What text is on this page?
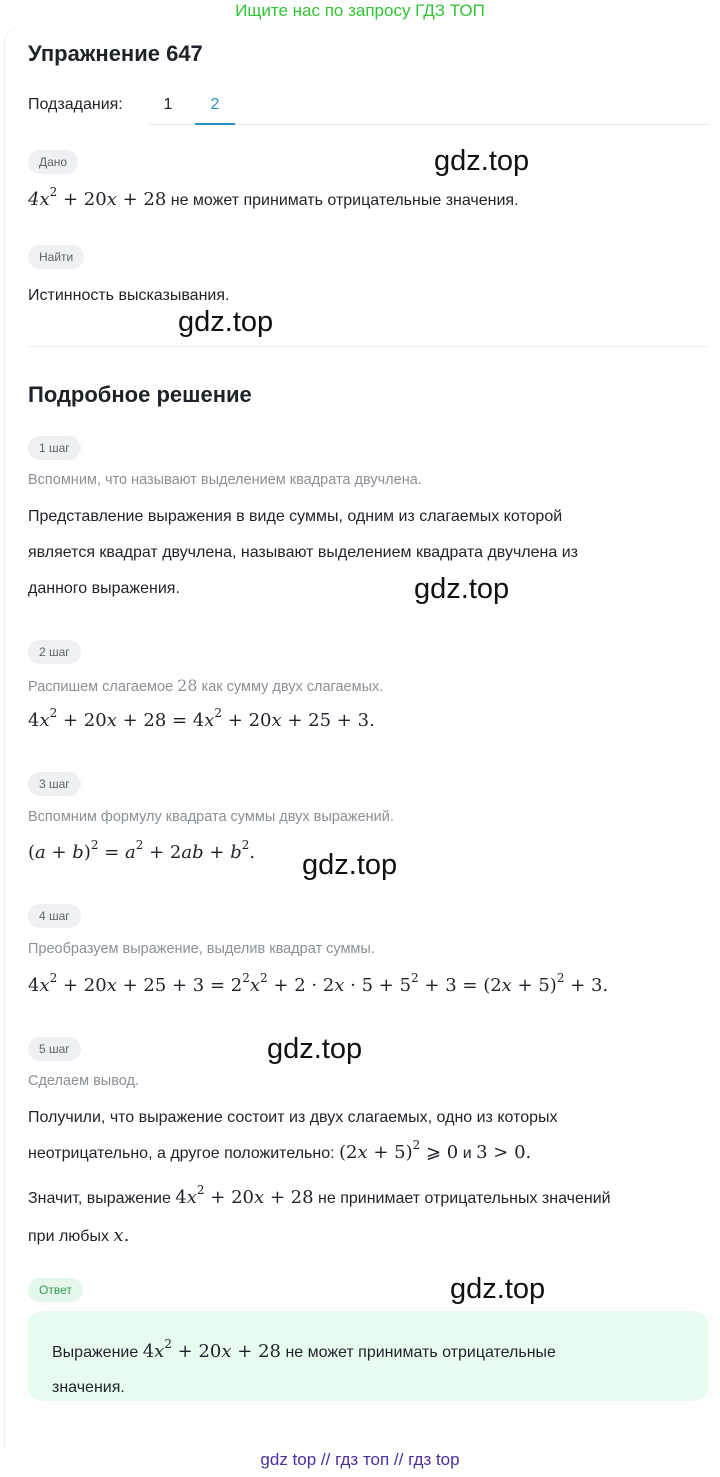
Ищите нас по запросу ГДЗ ТОП
Упражнение 647
Подзадания:	1	2
Дано
$4x^2 + 20x + 28$ не может принимать отрицательные значения.
Найти
Истинность высказывания.
Подробное решение
1 шаг
Вспомним, что называют выделением квадрата двучлена.
Представление выражения в виде суммы, одним из слагаемых которой
является квадрат двучлена, называют выделением квадрата двучлена из
данного выражения.
2 шаг
Распишем слагаемое 28 как сумму двух слагаемых.
$4x^2 + 20x + 28 = 4x^2 + 20x + 25 + 3$.
3 шаг
Вспомним формулу квадрата суммы двух выражений.
$(a + b)^2 = a^2 + 2ab + b^2$.
4 шаг
Преобразуем выражение, выделив квадрат суммы.
$4x^2 + 20x + 25 + 3 = 2^2x^2 + 2 \cdot 2x \cdot 5 + 5^2 + 3 = (2x + 5)^2 + 3$.
5 шаг
Сделаем вывод.
Получили, что выражение состоит из двух слагаемых, одно из которых
неотрицательно, а другое положительно: $(2x + 5)^2$ ⩾ 0 и 3 > 0.
Значит, выражение $4x^2 + 20x + 28$ не принимает отрицательных значений
при любых x.
Ответ
Выражение $4x^2 + 20x + 28$ не может принимать отрицательные
значения.
gdz.top
gdz.top
gdz.top
gdz.top
gdz.top
gdz.top
gdz top // гдз топ // гдз top
